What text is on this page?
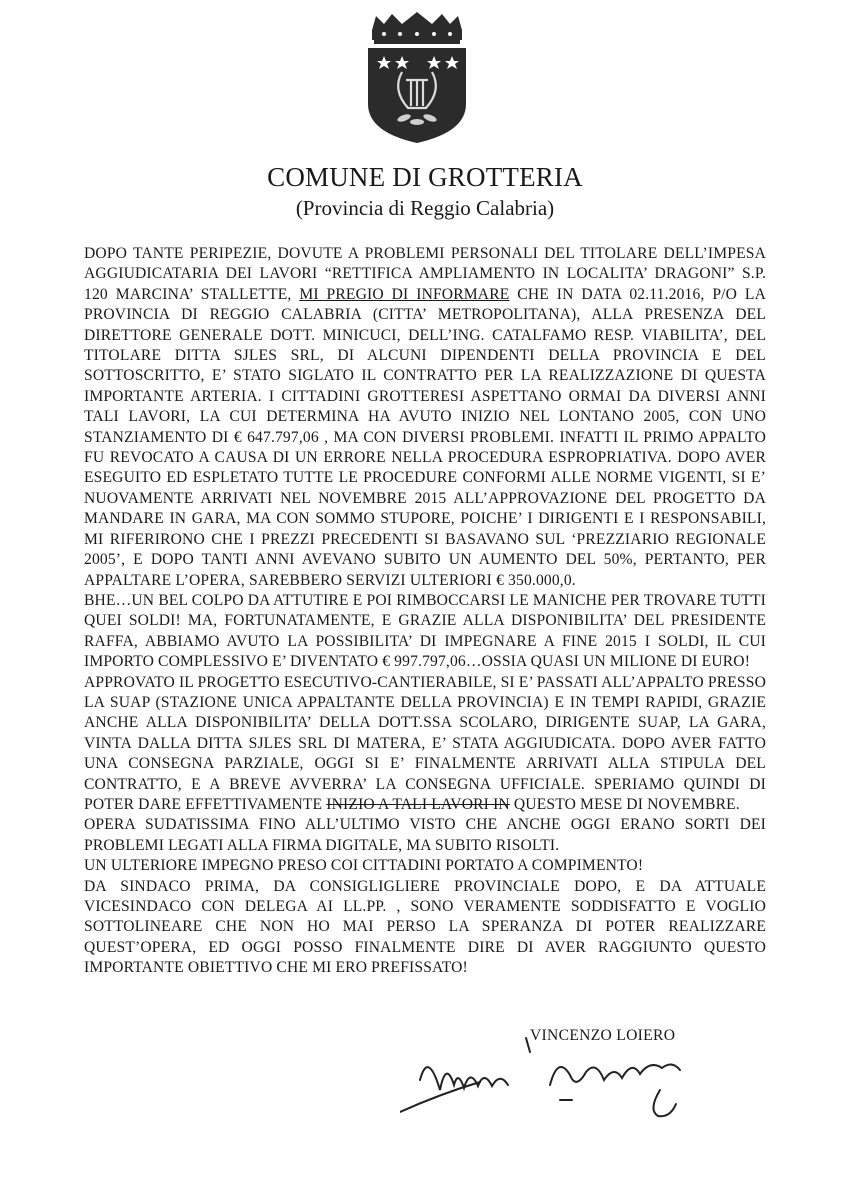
COMUNE DI GROTTERIA
(Provincia di Reggio Calabria)

DOPO TANTE PERIPEZIE, DOVUTE A PROBLEMI PERSONALI DEL TITOLARE DELL’IMPESA AGGIUDICATARIA DEI LAVORI “RETTIFICA AMPLIAMENTO IN LOCALITA’ DRAGONI” S.P. 120 MARCINA’ STALLETTE, MI PREGIO DI INFORMARE CHE IN DATA 02.11.2016, P/O LA PROVINCIA DI REGGIO CALABRIA (CITTA’ METROPOLITANA), ALLA PRESENZA DEL DIRETTORE GENERALE DOTT. MINICUCI, DELL’ING. CATALFAMO RESP. VIABILITA’, DEL TITOLARE DITTA SJLES SRL, DI ALCUNI DIPENDENTI DELLA PROVINCIA E DEL SOTTOSCRITTO, E’ STATO SIGLATO IL CONTRATTO PER LA REALIZZAZIONE DI QUESTA IMPORTANTE ARTERIA. I CITTADINI GROTTERESI ASPETTANO ORMAI DA DIVERSI ANNI TALI LAVORI, LA CUI DETERMINA HA AVUTO INIZIO NEL LONTANO 2005, CON UNO STANZIAMENTO DI € 647.797,06 , MA CON DIVERSI PROBLEMI. INFATTI IL PRIMO APPALTO FU REVOCATO A CAUSA DI UN ERRORE NELLA PROCEDURA ESPROPRIATIVA. DOPO AVER ESEGUITO ED ESPLETATO TUTTE LE PROCEDURE CONFORMI ALLE NORME VIGENTI, SI E’ NUOVAMENTE ARRIVATI NEL NOVEMBRE 2015 ALL’APPROVAZIONE DEL PROGETTO DA MANDARE IN GARA, MA CON SOMMO STUPORE, POICHE’ I DIRIGENTI E I RESPONSABILI, MI RIFERIRONO CHE I PREZZI PRECEDENTI SI BASAVANO SUL ‘PREZZIARIO REGIONALE 2005’, E DOPO TANTI ANNI AVEVANO SUBITO UN AUMENTO DEL 50%, PERTANTO, PER APPALTARE L’OPERA, SAREBBERO SERVIZI ULTERIORI € 350.000,0.

BHE…UN BEL COLPO DA ATTUTIRE E POI RIMBOCCARSI LE MANICHE PER TROVARE TUTTI QUEI SOLDI! MA, FORTUNATAMENTE, E GRAZIE ALLA DISPONIBILITA’ DEL PRESIDENTE RAFFA, ABBIAMO AVUTO LA POSSIBILITA’ DI IMPEGNARE A FINE 2015 I SOLDI, IL CUI IMPORTO COMPLESSIVO E’ DIVENTATO € 997.797,06…OSSIA QUASI UN MILIONE DI EURO!

APPROVATO IL PROGETTO ESECUTIVO-CANTIERABILE, SI E’ PASSATI ALL’APPALTO PRESSO LA SUAP (STAZIONE UNICA APPALTANTE DELLA PROVINCIA) E IN TEMPI RAPIDI, GRAZIE ANCHE ALLA DISPONIBILITA’ DELLA DOTT.SSA SCOLARO, DIRIGENTE SUAP, LA GARA, VINTA DALLA DITTA SJLES SRL DI MATERA, E’ STATA AGGIUDICATA. DOPO AVER FATTO UNA CONSEGNA PARZIALE, OGGI SI E’ FINALMENTE ARRIVATI ALLA STIPULA DEL CONTRATTO, E A BREVE AVVERRA’ LA CONSEGNA UFFICIALE. SPERIAMO QUINDI DI POTER DARE EFFETTIVAMENTE INIZIO A TALI LAVORI IN QUESTO MESE DI NOVEMBRE.

OPERA SUDATISSIMA FINO ALL’ULTIMO VISTO CHE ANCHE OGGI ERANO SORTI DEI PROBLEMI LEGATI ALLA FIRMA DIGITALE, MA SUBITO RISOLTI.

UN ULTERIORE IMPEGNO PRESO COI CITTADINI PORTATO A COMPIMENTO!

DA SINDACO PRIMA, DA CONSIGLIGLIERE PROVINCIALE DOPO, E DA ATTUALE VICESINDACO CON DELEGA AI LL.PP. , SONO VERAMENTE SODDISFATTO E VOGLIO SOTTOLINEARE CHE NON HO MAI PERSO LA SPERANZA DI POTER REALIZZARE QUEST’OPERA, ED OGGI POSSO FINALMENTE DIRE DI AVER RAGGIUNTO QUESTO IMPORTANTE OBIETTIVO CHE MI ERO PREFISSATO!

VINCENZO LOIERO
